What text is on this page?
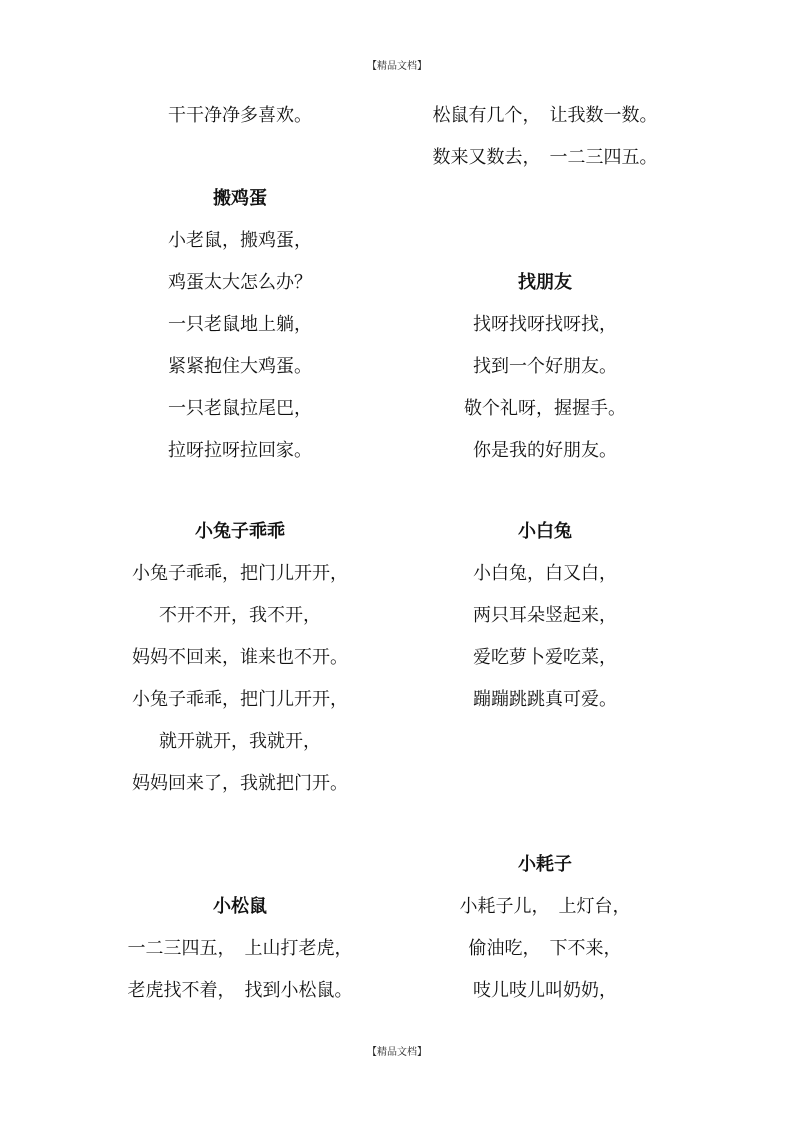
【精品文档】
干干净净多喜欢。
搬鸡蛋
小老鼠，搬鸡蛋，
鸡蛋太大怎么办？
一只老鼠地上躺，
紧紧抱住大鸡蛋。
一只老鼠拉尾巴，
拉呀拉呀拉回家。
小兔子乖乖
小兔子乖乖，把门儿开开，
不开不开，我不开，
妈妈不回来，谁来也不开。
小兔子乖乖，把门儿开开，
就开就开，我就开，
妈妈回来了，我就把门开。
小松鼠
一二三四五，　上山打老虎，
老虎找不着，　找到小松鼠。
松鼠有几个，　让我数一数。
数来又数去，　一二三四五。
找朋友
找呀找呀找呀找，
找到一个好朋友。
敬个礼呀，握握手。
你是我的好朋友。
小白兔
小白兔，白又白，
两只耳朵竖起来，
爱吃萝卜爱吃菜，
蹦蹦跳跳真可爱。
小耗子
小耗子儿，　上灯台，
偷油吃，　下不来，
吱儿吱儿叫奶奶，
【精品文档】
